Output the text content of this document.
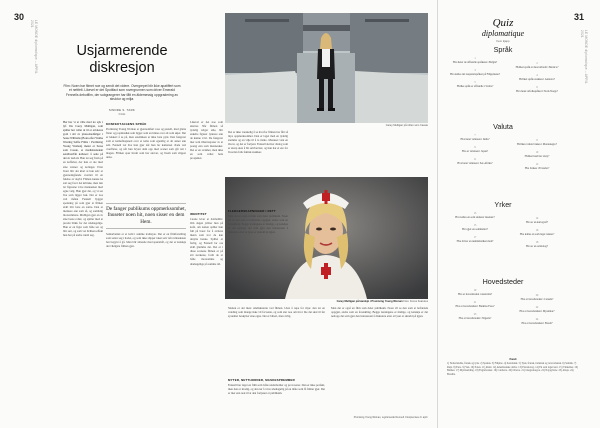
30	31
LE MONDE diplomatique – APRIL 2021
LE MONDE diplomatique – APRIL 2021
Usjarmerende
diskresjon

Film: Noen har filmet noe og sendt det videre. Overgrepet blir ikke apatiffert som et nettfelt. Likevel er det Spotifact som rovergrunnen som driver Emerald Fennells debutfilm, der subgrangerer har fått en äldemessig oppgradering av struktur og miljø.

SINDRE S. TARK
Kritikk
Carey Mulligan på rollen som Cassie
Carey Mulligan på kanskjn i Promising Young Woman Foto: Focus Features
Her har vi et ville med tre syk i lyf. Du Carey Mulligan, som spiller her rollet ut til et avtaleres godt i sitt av pluss-medfølger i Sesse Williams (Bonn efter Wuthe Wasting Selfie Films / Promising Young Woman) møter ei Sesse som Cassie, et medisinstudent sendbrevlått kolleser: å sette på det av ved ett. Hun tar seg fram på en kaffebar, der hun er ute med sine venner og kolleger. Etter hvert blir det klart at hun selv er gjennomgående overlatt til en følelse av skyld. Filmen kunne ha satt seg fast i det kritiske, men den lar figurene være mennesker med egne valg. Hun gjør det, og vi ser hva som ligger bak. Det er noe ved måten Fennell bygger spenning på som gjør at filmen aldri blir bare en satire. Den er mørkere enn som så, og samtidig morsommere. Mulligan gjør en av sine beste roller, og spiller med et presist blikk for det ubehagelige. Hun er en figur som både ser og blir sett, og som vet hvilken effekt hun har på andre rundt seg.
KONFEKTJAGENS SPRÅK
Promising Young Woman er gjennomført rosa og pastell, med glatte flater og popmusikk som ligger som en hinne over alt som skjer. Det er lekkert å se på, men estetikken er ikke bare pynt. Den fungerer som et kamuflasjenett over et tema som egentlig er alt annet enn søtt. Fennell vet hva hun gjør når hun lar kameraet dvele ved overflater, og når hun bryter dem opp med scener som går rett i magen. Filmen spør hvem som har ansvar, og hvem som slipper unna.
De fanger publikums oppmerksomhet, fnuseter noen hit, noen sisser en dem Hem.
Samarbeidet er et ledd i samme tradisjon. Det er en filmfortelling som setter seg i hodet, og som ikke slipper taket selv når rulleteksten har begynt å gå. Man blir sittende med spørsmål, og det er kanskje det viktigste filmen gjør.
Likevel er det noe som skurrer. Når filmen så tydelig velger side, blir enkelte figurer tynnere enn de kunne vært. De fungerer mer som illustrasjoner av et poeng enn som mennesker. Det er en svakhet, men ikke en som veltet hele prosjektet.
IDENTITET
Cassie lever et dobbeltliv. Om dagen jobber hun på kafé, om natten spiller hun full på barer for å avsløre menn som tror de kan utnytte henne. Spillet er farlig, og Fennell lar oss aldri glemme det. Det er i disse scenene filmen er på sitt sterkeste, fordi de er både morsomme og ubehagelige på samme tid.
Det er ikke vanskelig å se hvorfor filmen har fått så mye oppmerksomhet. Den er laget med en tydelig stemme og en vilje til å ta risiko. Manuset vant en Oscar, og det er fortjent. Fennell skriver dialog som er skarp uten å bli selvbevisst, og hun har et øre for hvordan folk faktisk snakker.
FLERGERSKAPNINGER I RETT
Men det er også en film som deler publikum. Noen vil se den som et befriende oppgjør, andre som en forenkling. Begge lesningene er mulige, og kanskje er det nettopp det som gjør den interessant å diskutere etter at lyset er skrudd på igjen.
Slutten er det mest omdiskuterte ved filmen. Uten å røpe for mye: den tar en vending som mange ikke vil forvente, og som sier noe om hvor lite det skal til før systemet beskytter sine egne. Det er bittert, men ærlig.
MYTER, NETTHORDER, MASKESPREMMER
Fennell har laget en film som både underholder og provoserer. Den er ikke perfekt, men den er modig, og den tør å være ubehagelig på en måte som få filmer gjør. Det er mer enn nok til at den fortjener et publikum.
Men det er også en film som deler publikum. Noen vil se den som et befriende oppgjør, andre som en forenkling. Begge lesningene er mulige, og kanskje er det nettopp det som gjør den interessant å diskutere etter at lyset er skrudd på igjen.
Promising Young Woman, regi Emerald Fennell. Kinopremiere 9. april.
Quiz
diplomatique
Fem kjapp
Språk
1
Hva heter de offisielle språkene i Belgia?	2
Hvilket språk er mest utbredt i Mexico?
3
Hva kalles det nasjonalspråket på Filippinene?	4
Hvilket språk snakkes i Andorra?
5
Hvilke språk er offisielle i Sveits?	6
Hva heter urfolkspråket i Nord-Norge?
Valuta
7
Hva heter valutaen i India?	8
Hvilken valuta brukes i Montenegro?
9
Hva er valutaen i Japan?	10
Hvilket land har zloty?
11
Hva heter valutaen i Sør-Afrika?	12
Hva brukes i Ecuador?
Yrker
13
Hva kalles en som studerer insekter?	14
Hva er en kartograf?
15
Hva gjør en sommelier?	16
Hva kalles en som lager tønner?
17
Hva driver en numismatiker med?	18
Hva er en ornitolog?
Hovedsteder
19
Hva er hovedstaden i Australia?	20
Hva er hovedstaden i Canada?
21
Hva er hovedstaden i Burkina Faso?	22
Hva er hovedstaden i Myanmar?
23
Hva er hovedstaden i Nigeria?	24
Hva er hovedstaden i Brasil?
Fasit
1) Nederlandsk, fransk og tysk. 2) Spansk. 3) Filipino. 4) Katalansk. 5) Tysk, fransk, italiensk og retoromansk. 6) Samisk. 7) Rupi. 8) Euro. 9) Yen. 10) Polen. 11) Rand. 12) Amerikanske dollar. 13) Entomolog. 14) En som lager kart. 15) Vinkelner. 16) Bødker. 17) Myntsamling. 18) Fugleforsker. 19) Canberra. 20) Ottawa. 21) Ouagadougou. 22) Naypyidaw. 23) Abuja. 24) Brasília.
